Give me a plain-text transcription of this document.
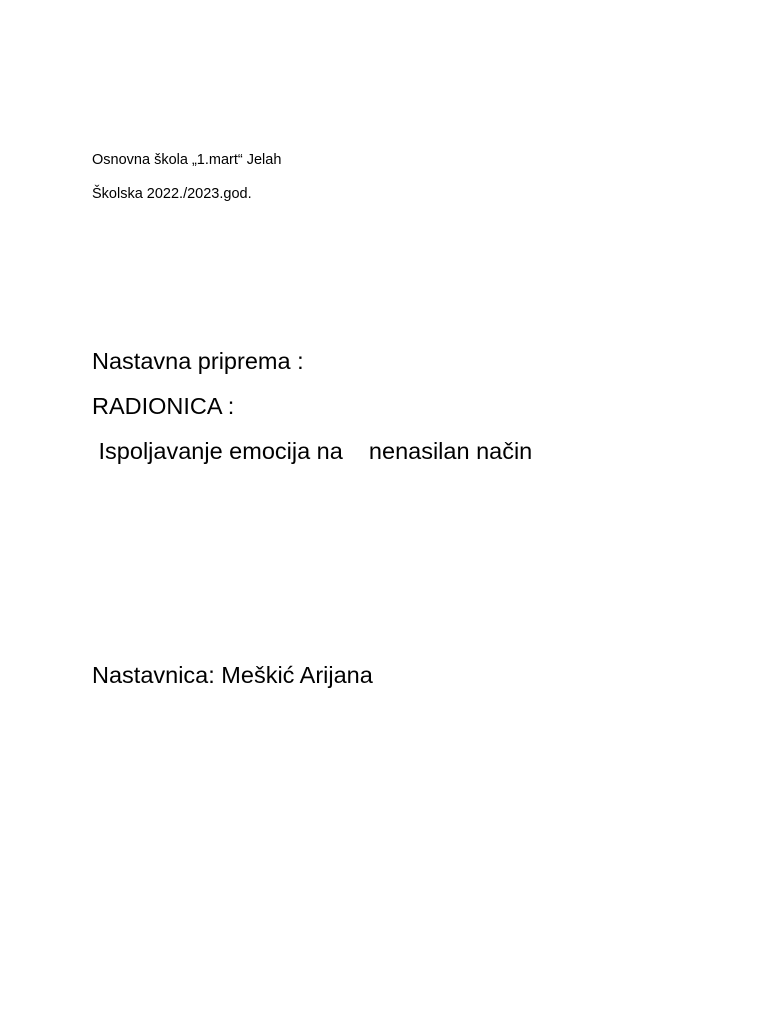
Osnovna škola „1.mart“ Jelah
Školska 2022./2023.god.
Nastavna priprema :
RADIONICA :
Ispoljavanje emocija na    nenasilan način
Nastavnica: Meškić Arijana
